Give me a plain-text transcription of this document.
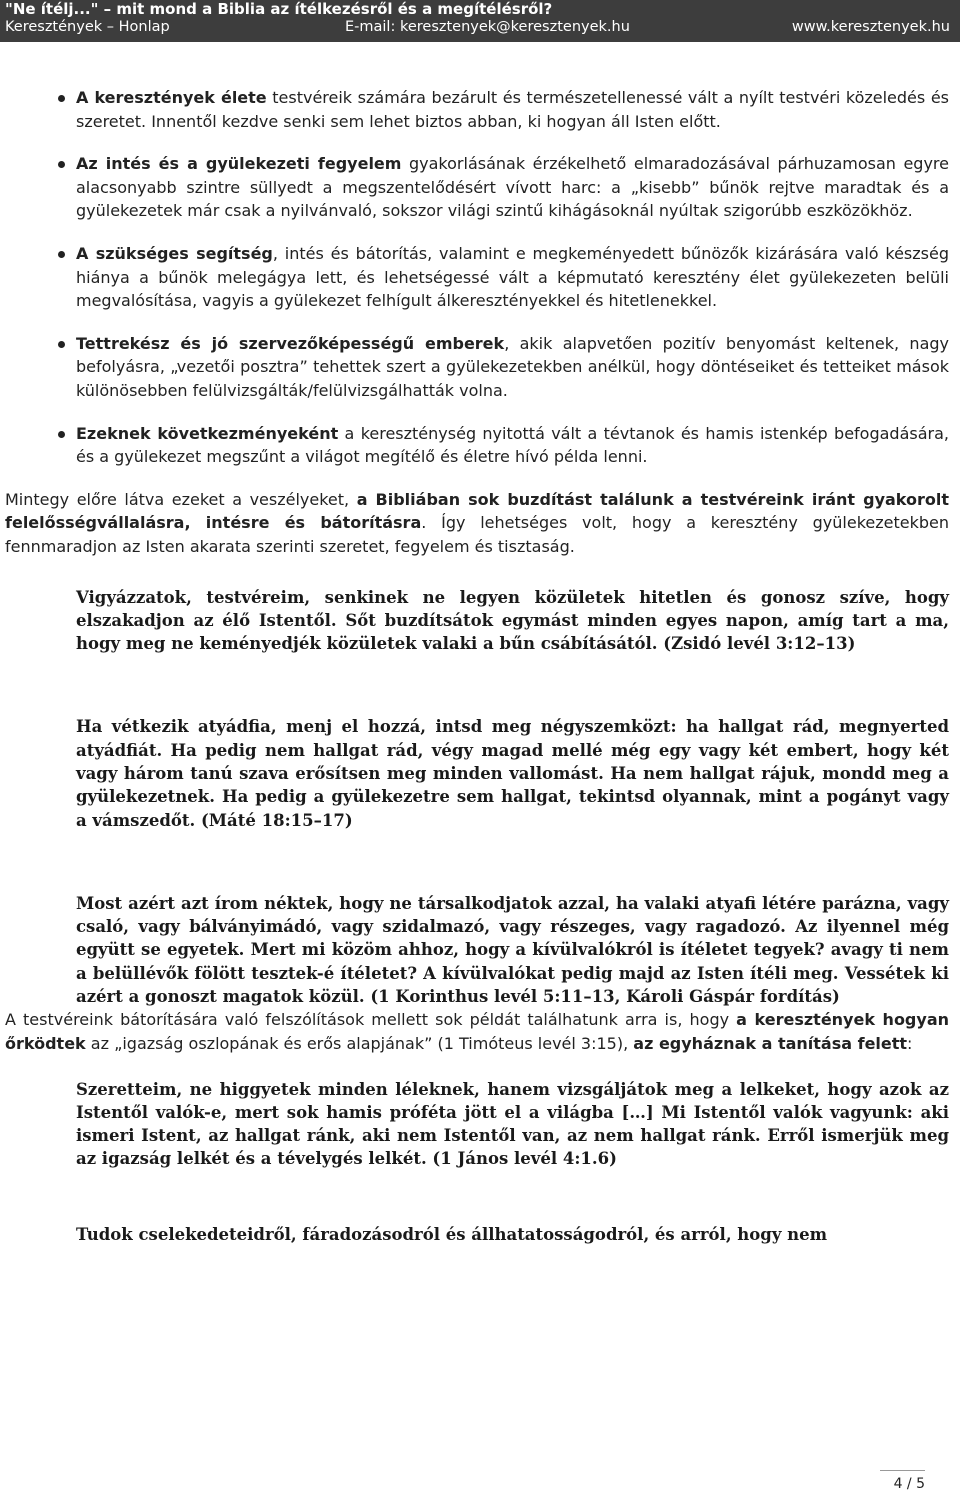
"Ne ítélj..." – mit mond a Biblia az ítélkezésről és a megítélésről?
Keresztények – Honlap	E-mail: keresztenyek@keresztenyek.hu	www.keresztenyek.hu
A keresztények élete testvéreik számára bezárult és természetellenessé vált a nyílt testvéri közeledés és szeretet. Innentől kezdve senki sem lehet biztos abban, ki hogyan áll Isten előtt.
Az intés és a gyülekezeti fegyelem gyakorlásának érzékelhető elmaradozásával párhuzamosan egyre alacsonyabb szintre süllyedt a megszentelődésért vívott harc: a „kisebb” bűnök rejtve maradtak és a gyülekezetek már csak a nyilvánvaló, sokszor világi szintű kihágásoknál nyúltak szigorúbb eszközökhöz.
A szükséges segítség, intés és bátorítás, valamint e megkeményedett bűnözők kizárására való készség hiánya a bűnök melegágya lett, és lehetségessé vált a képmutató keresztény élet gyülekezeten belüli megvalósítása, vagyis a gyülekezet felhígult álkeresztényekkel és hitetlenekkel.
Tettrekész és jó szervezőképességű emberek, akik alapvetően pozitív benyomást keltenek, nagy befolyásra, „vezetői posztra” tehettek szert a gyülekezetekben anélkül, hogy döntéseiket és tetteiket mások különösebben felülvizsgálták/felülvizsgálhatták volna.
Ezeknek következményeként a kereszténység nyitottá vált a tévtanok és hamis istenkép befogadására, és a gyülekezet megszűnt a világot megítélő és életre hívó példa lenni.

Mintegy előre látva ezeket a veszélyeket, a Bibliában sok buzdítást találunk a testvéreink iránt gyakorolt felelősségvállalásra, intésre és bátorításra. Így lehetséges volt, hogy a keresztény gyülekezetekben fennmaradjon az Isten akarata szerinti szeretet, fegyelem és tisztaság.

Vigyázzatok, testvéreim, senkinek ne legyen közületek hitetlen és gonosz szíve, hogy elszakadjon az élő Istentől. Sőt buzdítsátok egymást minden egyes napon, amíg tart a ma, hogy meg ne keményedjék közületek valaki a bűn csábításától. (Zsidó levél 3:12–13)
Ha vétkezik atyádfia, menj el hozzá, intsd meg négyszemközt: ha hallgat rád, megnyerted atyádfiát. Ha pedig nem hallgat rád, végy magad mellé még egy vagy két embert, hogy két vagy három tanú szava erősítsen meg minden vallomást. Ha nem hallgat rájuk, mondd meg a gyülekezetnek. Ha pedig a gyülekezetre sem hallgat, tekintsd olyannak, mint a pogányt vagy a vámszedőt. (Máté 18:15–17)
Most azért azt írom néktek, hogy ne társalkodjatok azzal, ha valaki atyafi létére parázna, vagy csaló, vagy bálványimádó, vagy szidalmazó, vagy részeges, vagy ragadozó. Az ilyennel még együtt se egyetek. Mert mi közöm ahhoz, hogy a kívülvalókról is ítéletet tegyek? avagy ti nem a belüllévők fölött tesztek-é ítéletet? A kívülvalókat pedig majd az Isten ítéli meg. Vessétek ki azért a gonoszt magatok közül. (1 Korinthus levél 5:11–13, Károli Gáspár fordítás)

A testvéreink bátorítására való felszólítások mellett sok példát találhatunk arra is, hogy a keresztények hogyan őrködtek az „igazság oszlopának és erős alapjának” (1 Timóteus levél 3:15), az egyháznak a tanítása felett:

Szeretteim, ne higgyetek minden léleknek, hanem vizsgáljátok meg a lelkeket, hogy azok az Istentől valók-e, mert sok hamis próféta jött el a világba […] Mi Istentől valók vagyunk: aki ismeri Istent, az hallgat ránk, aki nem Istentől van, az nem hallgat ránk. Erről ismerjük meg az igazság lelkét és a tévelygés lelkét. (1 János levél 4:1.6)
Tudok cselekedeteidről, fáradozásodról és állhatatosságodról, és arról, hogy nem
4 / 5
